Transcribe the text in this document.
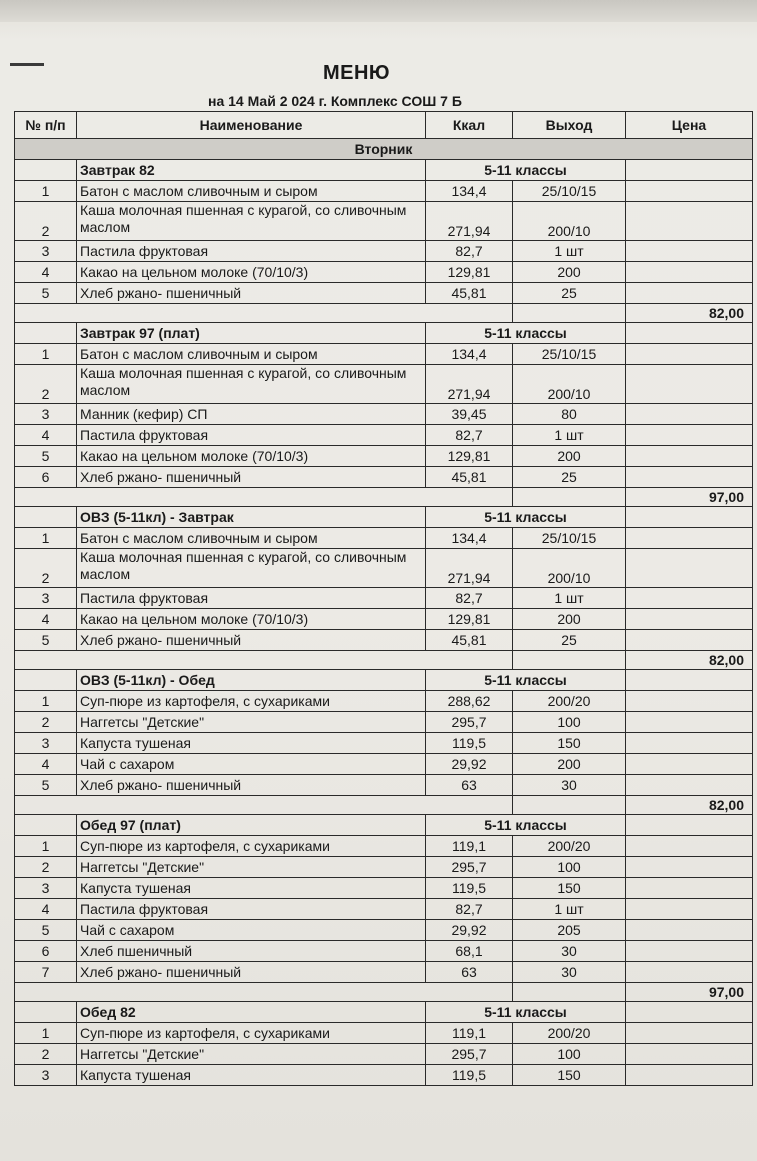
МЕНЮ
на 14 Май 2 024 г. Комплекс СОШ 7 Б
№ п/п	Наименование	Ккал	Выход	Цена
Вторник				
	Завтрак 82	5-11 классы		
1	Батон с маслом сливочным и сыром	134,4	25/10/15	
2	Каша молочная пшенная с курагой, со сливочным маслом	271,94	200/10	
3	Пастила фруктовая	82,7	1 шт	
4	Какао на цельном молоке (70/10/3)	129,81	200	
5	Хлеб ржано- пшеничный	45,81	25	
				82,00
	Завтрак 97 (плат)	5-11 классы		
1	Батон с маслом сливочным и сыром	134,4	25/10/15	
2	Каша молочная пшенная с курагой, со сливочным маслом	271,94	200/10	
3	Манник (кефир) СП	39,45	80	
4	Пастила фруктовая	82,7	1 шт	
5	Какао на цельном молоке (70/10/3)	129,81	200	
6	Хлеб ржано- пшеничный	45,81	25	
				97,00
	ОВЗ (5-11кл) - Завтрак	5-11 классы		
1	Батон с маслом сливочным и сыром	134,4	25/10/15	
2	Каша молочная пшенная с курагой, со сливочным маслом	271,94	200/10	
3	Пастила фруктовая	82,7	1 шт	
4	Какао на цельном молоке (70/10/3)	129,81	200	
5	Хлеб ржано- пшеничный	45,81	25	
				82,00
	ОВЗ (5-11кл) - Обед	5-11 классы		
1	Суп-пюре из картофеля, с сухариками	288,62	200/20	
2	Наггетсы "Детские"	295,7	100	
3	Капуста тушеная	119,5	150	
4	Чай с сахаром	29,92	200	
5	Хлеб ржано- пшеничный	63	30	
				82,00
	Обед 97 (плат)	5-11 классы		
1	Суп-пюре из картофеля, с сухариками	119,1	200/20	
2	Наггетсы "Детские"	295,7	100	
3	Капуста тушеная	119,5	150	
4	Пастила фруктовая	82,7	1 шт	
5	Чай с сахаром	29,92	205	
6	Хлеб пшеничный	68,1	30	
7	Хлеб ржано- пшеничный	63	30	
				97,00
	Обед 82	5-11 классы		
1	Суп-пюре из картофеля, с сухариками	119,1	200/20	
2	Наггетсы "Детские"	295,7	100	
3	Капуста тушеная	119,5	150	
